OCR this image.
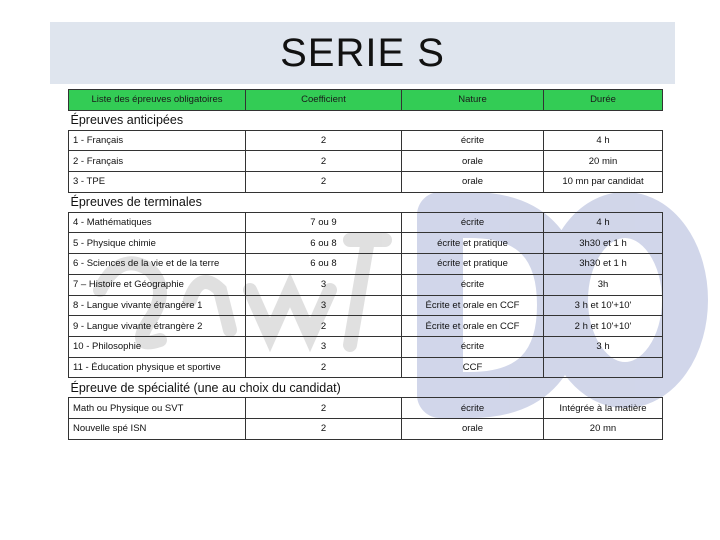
SERIE S
Liste des épreuves obligatoires	Coefficient	Nature	Durée
Épreuves anticipées			
1 - Français	2	écrite	4 h
2 - Français	2	orale	20 min
3 - TPE	2	orale	10 mn par candidat
Épreuves de terminales			
4 - Mathématiques	7 ou 9	écrite	4 h
5 - Physique chimie	6 ou 8	écrite et pratique	3h30 et 1 h
6 - Sciences de la vie et de la terre	6 ou 8	écrite et pratique	3h30 et 1 h
7 – Histoire et Géographie	3	écrite	3h
8 - Langue vivante étrangère 1	3	Écrite et orale en CCF	3 h et 10'+10'
9 - Langue vivante étrangère 2	2	Écrite et orale en CCF	2 h et 10'+10'
10 - Philosophie	3	écrite	3 h
11 - Éducation physique et sportive	2	CCF	
Épreuve de spécialité (une au choix du candidat)			
Math ou Physique ou SVT	2	écrite	Intégrée à la matière
Nouvelle spé ISN	2	orale	20 mn
